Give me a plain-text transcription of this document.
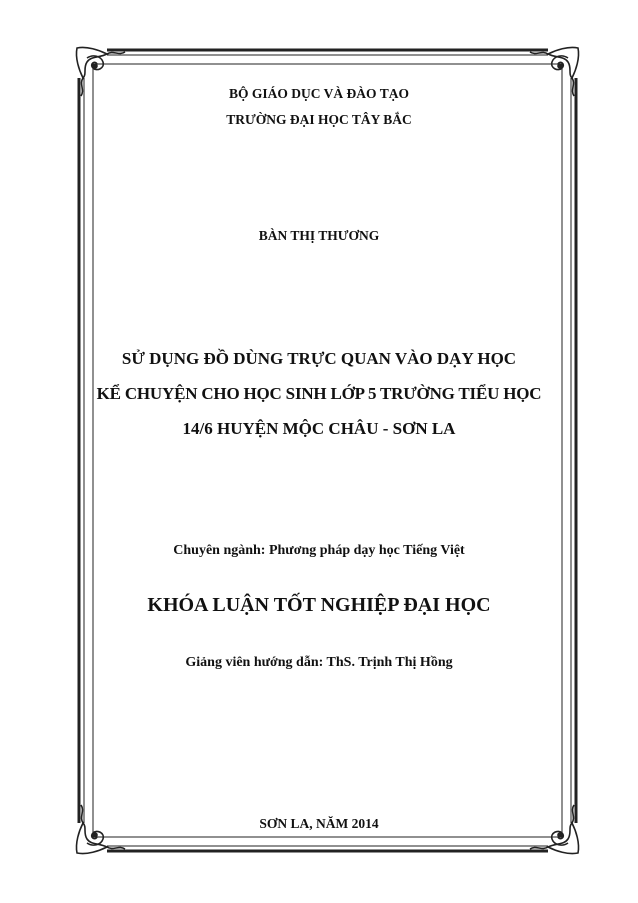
BỘ GIÁO DỤC VÀ ĐÀO TẠO
TRƯỜNG ĐẠI HỌC TÂY BẮC
BÀN THỊ THƯƠNG
SỬ DỤNG ĐỒ DÙNG TRỰC QUAN VÀO DẠY HỌC
KỂ CHUYỆN CHO HỌC SINH LỚP 5 TRƯỜNG TIỂU HỌC
14/6 HUYỆN MỘC CHÂU - SƠN LA
Chuyên ngành: Phương pháp dạy học Tiếng Việt
KHÓA LUẬN TỐT NGHIỆP ĐẠI HỌC
Giảng viên hướng dẫn: ThS. Trịnh Thị Hồng
SƠN LA, NĂM 2014
